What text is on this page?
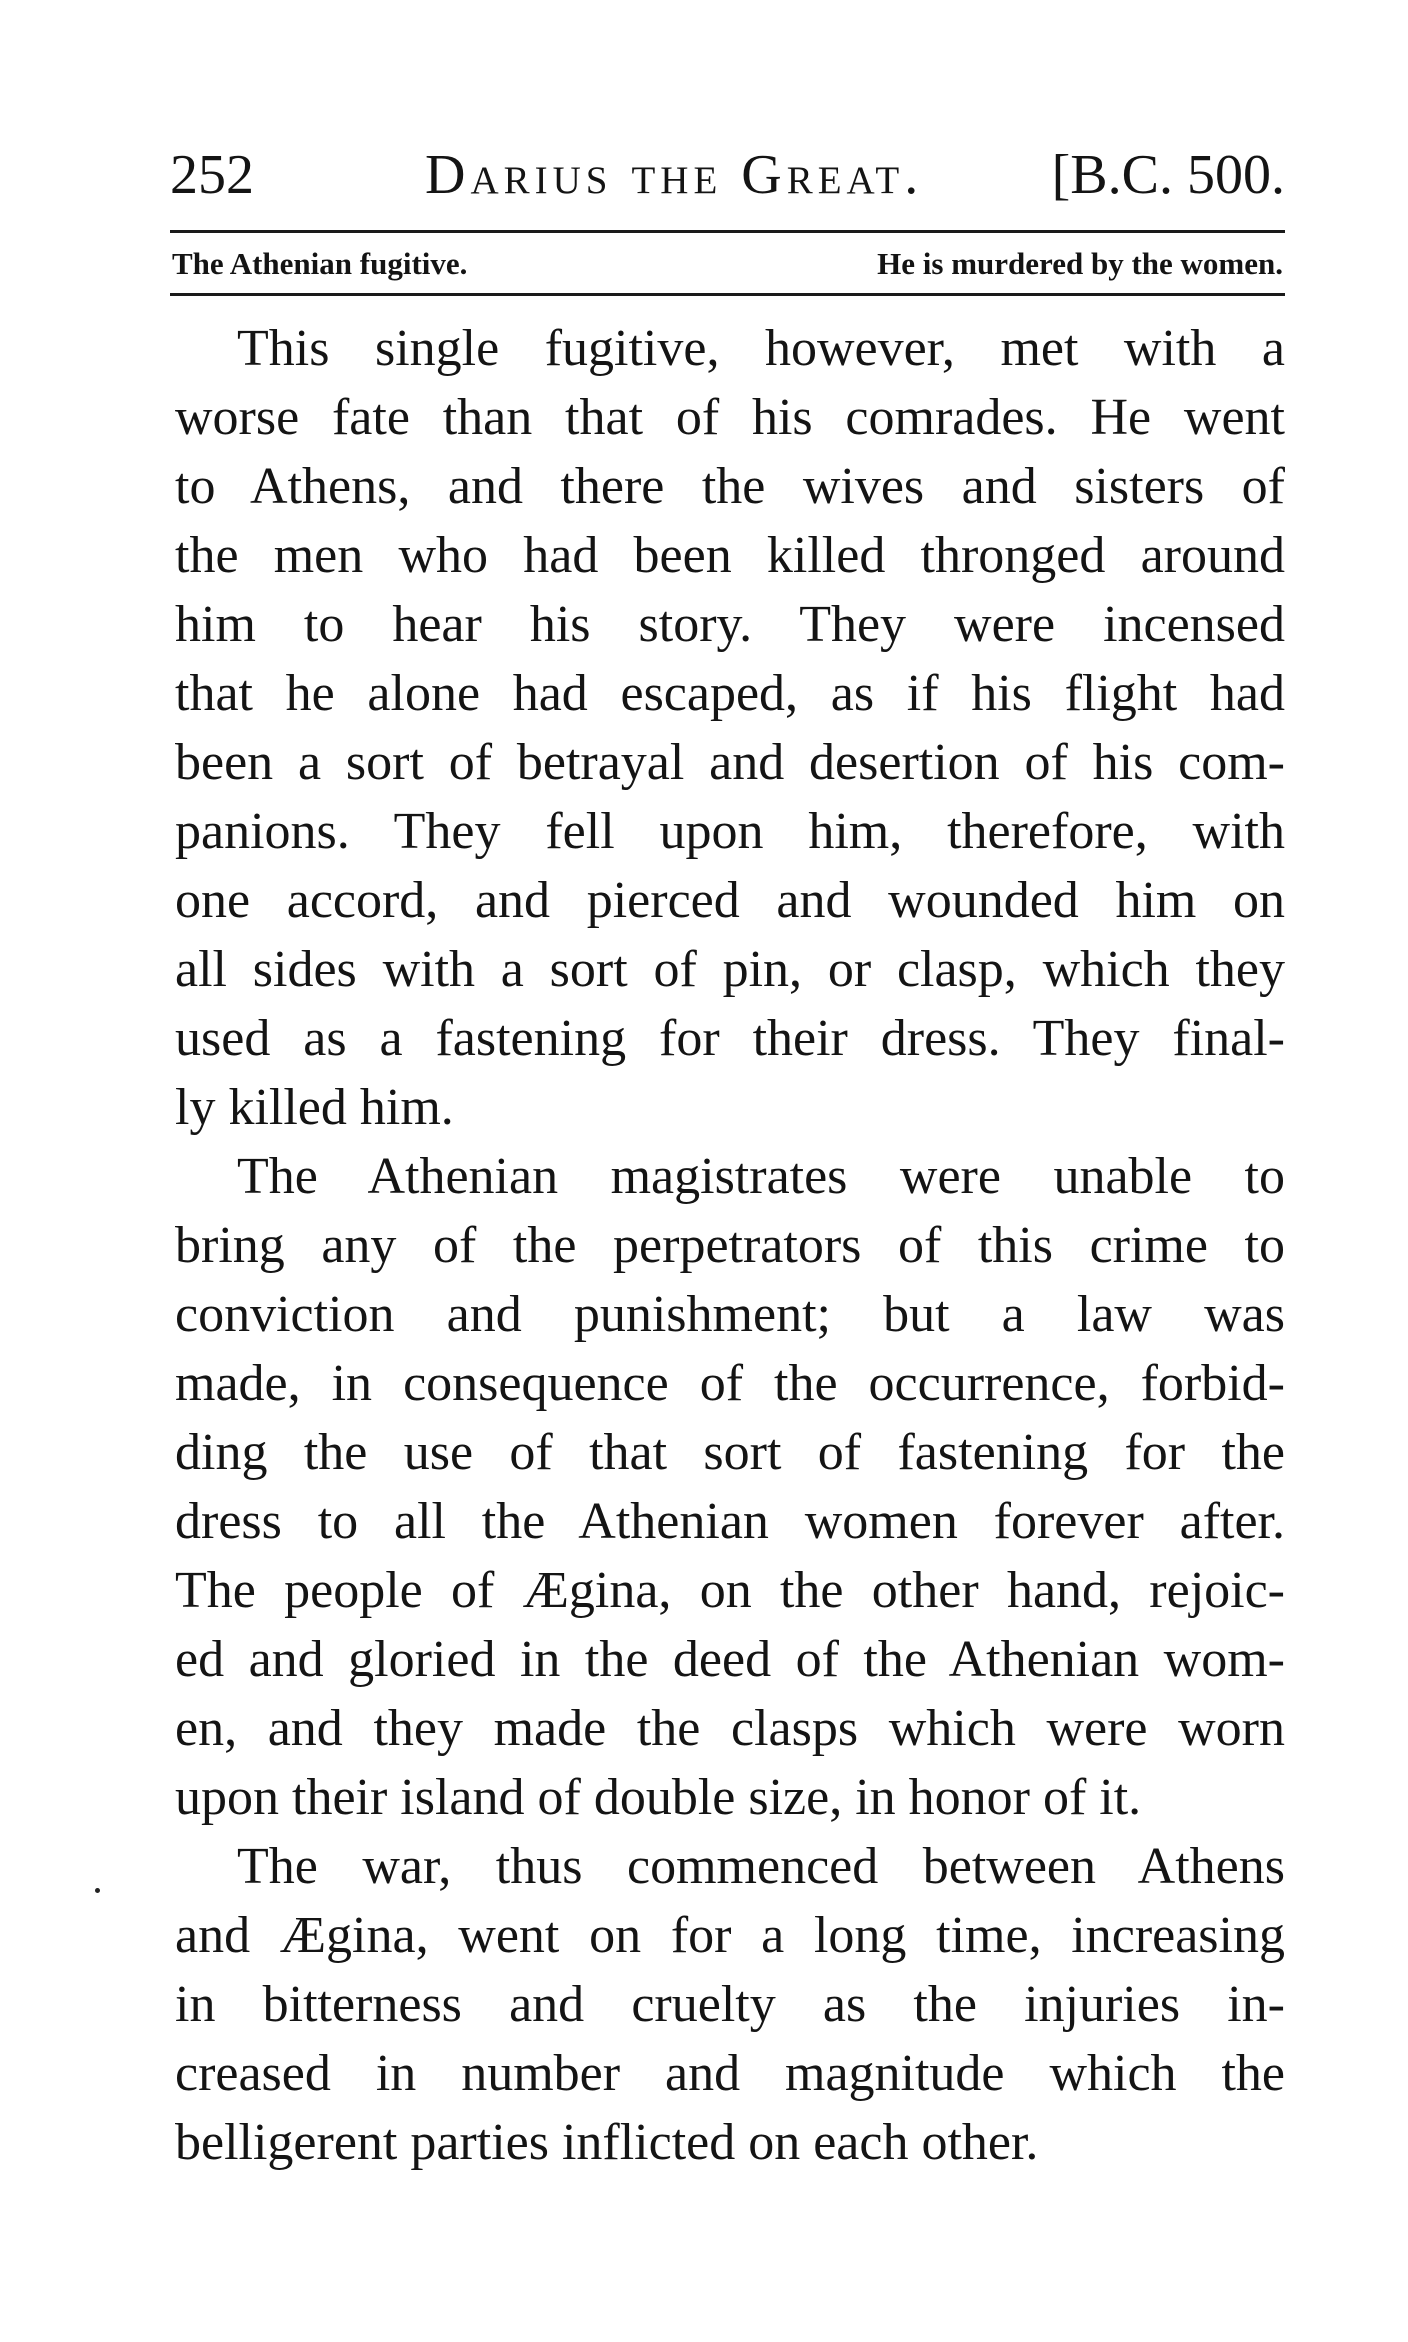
252	Darius the Great. [B.C. 500.
The Athenian fugitive.	He is murdered by the women.
This single fugitive, however, met with a
worse fate than that of his comrades. He went
to Athens, and there the wives and sisters of
the men who had been killed thronged around
him to hear his story. They were incensed
that he alone had escaped, as if his flight had
been a sort of betrayal and desertion of his com-
panions. They fell upon him, therefore, with
one accord, and pierced and wounded him on
all sides with a sort of pin, or clasp, which they
used as a fastening for their dress. They final-
ly killed him.
The Athenian magistrates were unable to
bring any of the perpetrators of this crime to
conviction and punishment; but a law was
made, in consequence of the occurrence, forbid-
ding the use of that sort of fastening for the
dress to all the Athenian women forever after.
The people of Ægina, on the other hand, rejoic-
ed and gloried in the deed of the Athenian wom-
en, and they made the clasps which were worn
upon their island of double size, in honor of it.
The war, thus commenced between Athens
and Ægina, went on for a long time, increasing
in bitterness and cruelty as the injuries in-
creased in number and magnitude which the
belligerent parties inflicted on each other.
